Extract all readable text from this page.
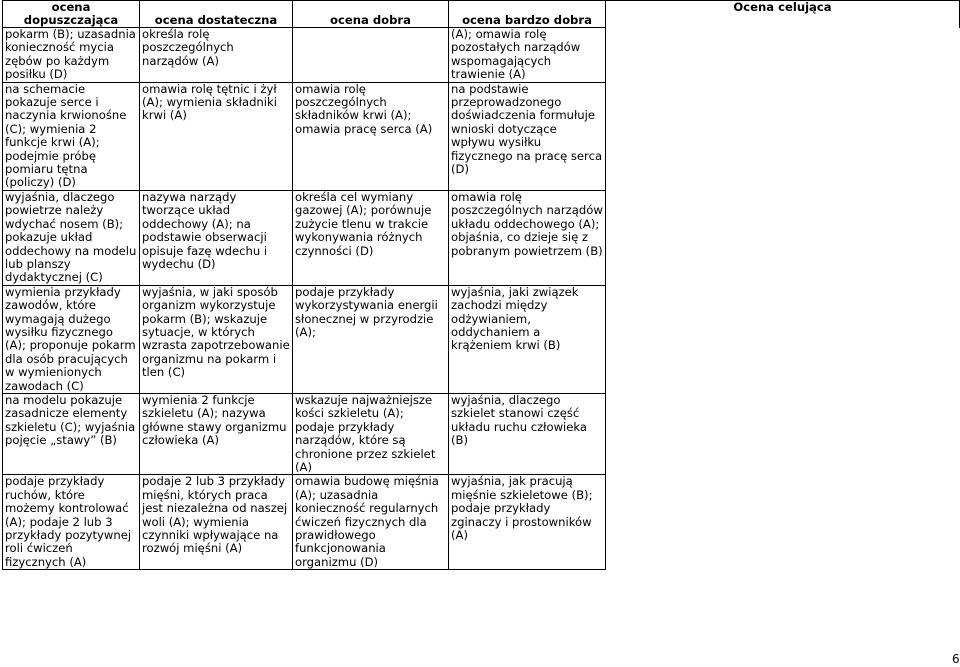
ocena
dopuszczająca	ocena dostateczna	ocena dobra	ocena bardzo dobra	Ocena celująca
pokarm (B); uzasadnia konieczność mycia zębów po każdym posiłku (D)	określa rolę poszczególnych narządów (A)		(A); omawia rolę pozostałych narządów wspomagających trawienie (A)	
na schemacie pokazuje serce i naczynia krwionośne (C); wymienia 2 funkcje krwi (A); podejmie próbę pomiaru tętna (policzy) (D)	omawia rolę tętnic i żył (A); wymienia składniki krwi (A)	omawia rolę poszczególnych składników krwi (A); omawia pracę serca (A)	na podstawie przeprowadzonego doświadczenia formułuje wnioski dotyczące wpływu wysiłku fizycznego na pracę serca (D)	
wyjaśnia, dlaczego powietrze należy wdychać nosem (B); pokazuje układ oddechowy na modelu lub planszy dydaktycznej (C)	nazywa narządy tworzące układ oddechowy (A); na podstawie obserwacji opisuje fazę wdechu i wydechu (D)	określa cel wymiany gazowej (A); porównuje zużycie tlenu w trakcie wykonywania różnych czynności (D)	omawia rolę poszczególnych narządów układu oddechowego (A); objaśnia, co dzieje się z pobranym powietrzem (B)	
wymienia przykłady zawodów, które wymagają dużego wysiłku fizycznego (A); proponuje pokarm dla osób pracujących w wymienionych zawodach (C)	wyjaśnia, w jaki sposób organizm wykorzystuje pokarm (B); wskazuje sytuacje, w których wzrasta zapotrzebowanie organizmu na pokarm i tlen (C)	podaje przykłady wykorzystywania energii słonecznej w przyrodzie (A);	wyjaśnia, jaki związek zachodzi między odżywianiem, oddychaniem a krążeniem krwi (B)	
na modelu pokazuje zasadnicze elementy szkieletu (C); wyjaśnia pojęcie „stawy” (B)	wymienia 2 funkcje szkieletu (A); nazywa główne stawy organizmu człowieka (A)	wskazuje najważniejsze kości szkieletu (A); podaje przykłady narządów, które są chronione przez szkielet (A)	wyjaśnia, dlaczego szkielet stanowi część układu ruchu człowieka (B)	
podaje przykłady ruchów, które możemy kontrolować (A); podaje 2 lub 3 przykłady pozytywnej roli ćwiczeń fizycznych (A)	podaje 2 lub 3 przykłady mięśni, których praca jest niezależna od naszej woli (A); wymienia czynniki wpływające na rozwój mięśni (A)	omawia budowę mięśnia (A); uzasadnia konieczność regularnych ćwiczeń fizycznych dla prawidłowego funkcjonowania organizmu (D)	wyjaśnia, jak pracują mięśnie szkieletowe (B); podaje przykłady zginaczy i prostowników (A)	
6
